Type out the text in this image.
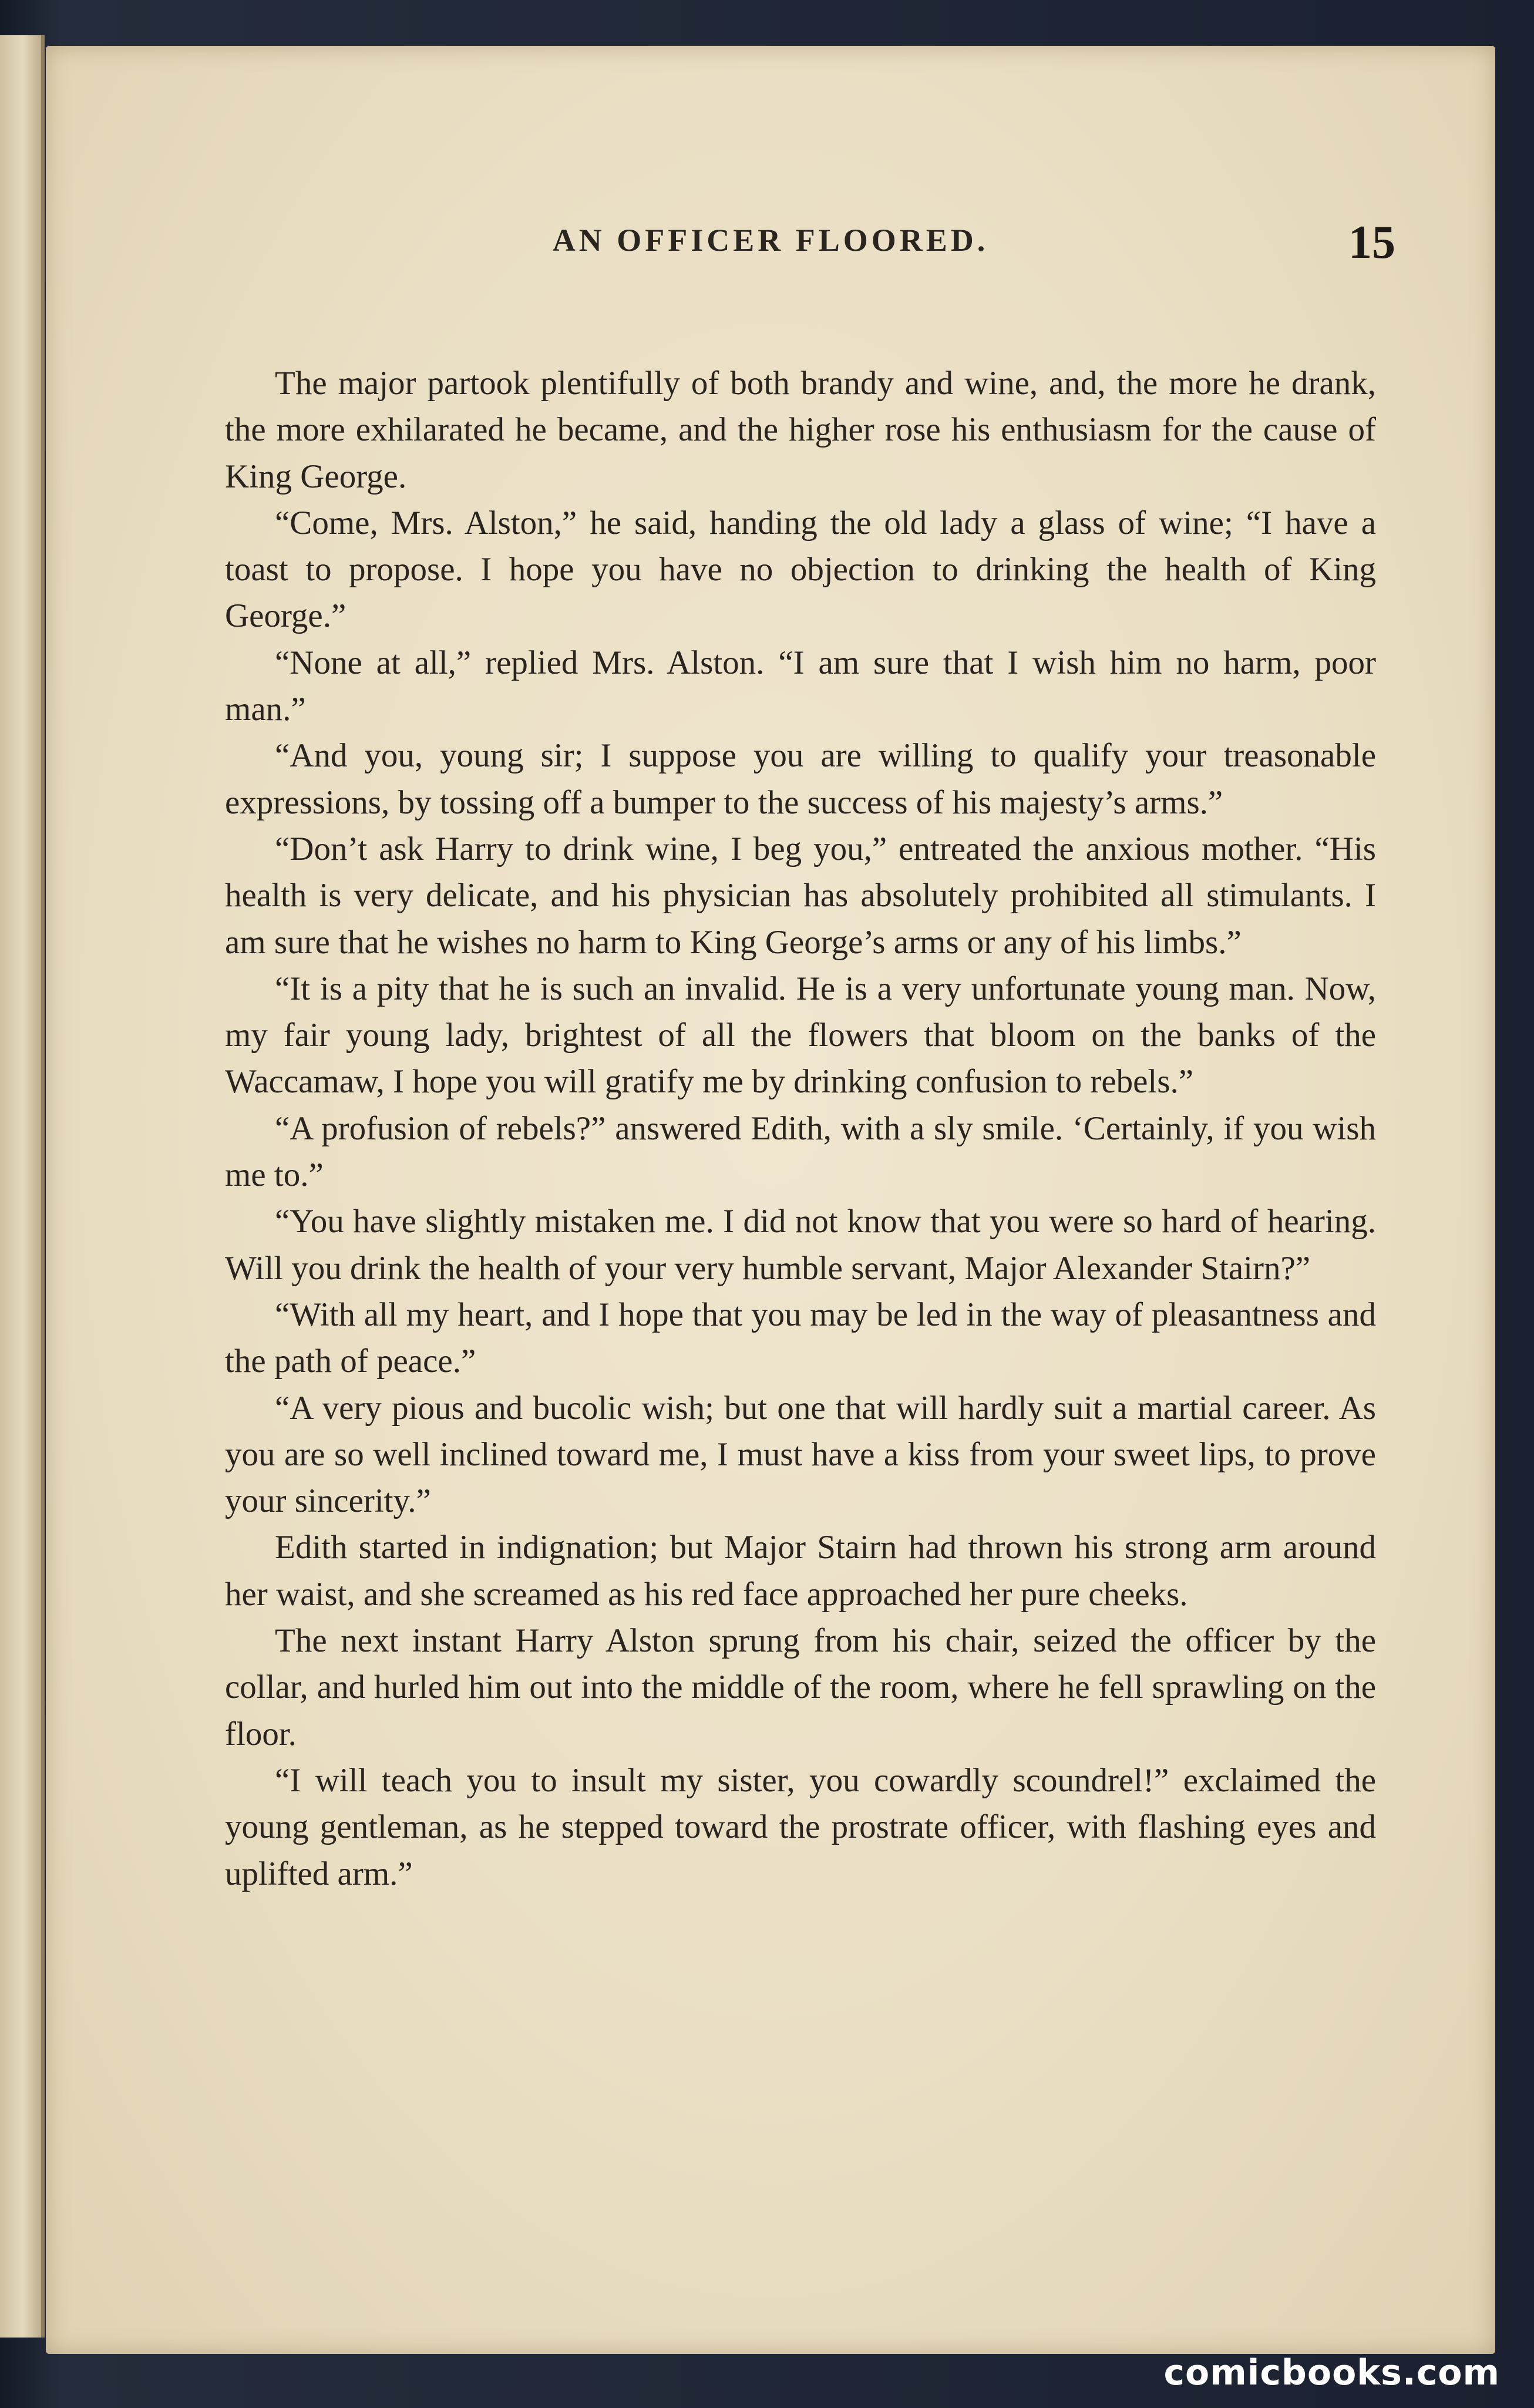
AN OFFICER FLOORED.	15

The major partook plentifully of both brandy and wine, and, the more he drank, the more exhilarated he became, and the higher rose his enthusiasm for the cause of King George.

“Come, Mrs. Alston,” he said, handing the old lady a glass of wine; “I have a toast to propose. I hope you have no objection to drinking the health of King George.”

“None at all,” replied Mrs. Alston. “I am sure that I wish him no harm, poor man.”

“And you, young sir; I suppose you are willing to qualify your treasonable expressions, by tossing off a bumper to the success of his majesty’s arms.”

“Don’t ask Harry to drink wine, I beg you,” entreated the anxious mother. “His health is very delicate, and his physician has absolutely prohibited all stimulants. I am sure that he wishes no harm to King George’s arms or any of his limbs.”

“It is a pity that he is such an invalid. He is a very unfortunate young man. Now, my fair young lady, brightest of all the flowers that bloom on the banks of the Waccamaw, I hope you will gratify me by drinking confusion to rebels.”

“A profusion of rebels?” answered Edith, with a sly smile. ‘Certainly, if you wish me to.”

“You have slightly mistaken me. I did not know that you were so hard of hearing. Will you drink the health of your very humble servant, Major Alexander Stairn?”

“With all my heart, and I hope that you may be led in the way of pleasantness and the path of peace.”

“A very pious and bucolic wish; but one that will hardly suit a martial career. As you are so well inclined toward me, I must have a kiss from your sweet lips, to prove your sincerity.”

Edith started in indignation; but Major Stairn had thrown his strong arm around her waist, and she screamed as his red face approached her pure cheeks.

The next instant Harry Alston sprung from his chair, seized the officer by the collar, and hurled him out into the middle of the room, where he fell sprawling on the floor.

“I will teach you to insult my sister, you cowardly scoundrel!” exclaimed the young gentleman, as he stepped toward the prostrate officer, with flashing eyes and uplifted arm.”

comicbooks.com
